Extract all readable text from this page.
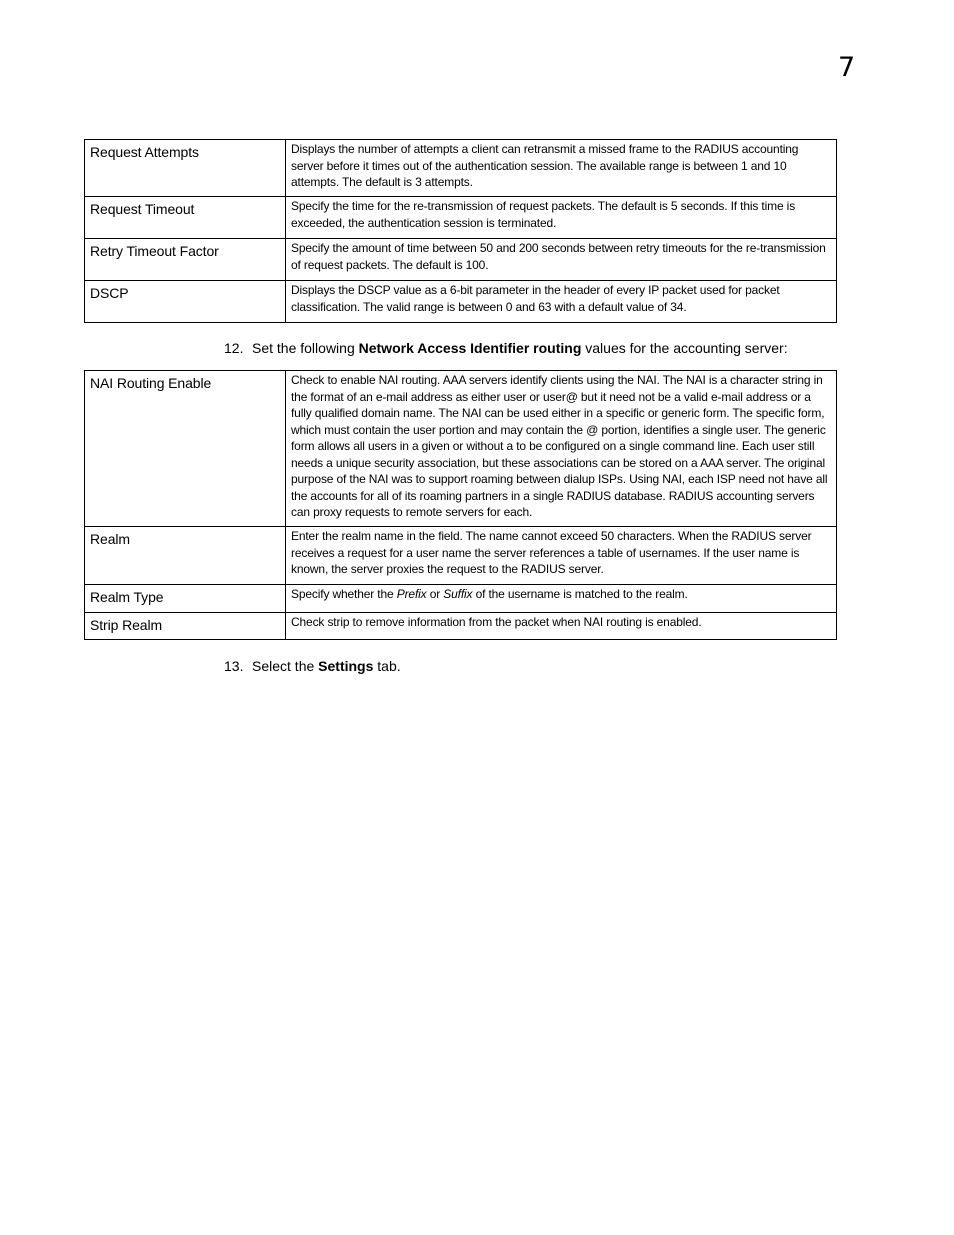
7
Request Attempts	Displays the number of attempts a client can retransmit a missed frame to the RADIUS accounting server before it times out of the authentication session. The available range is between 1 and 10 attempts. The default is 3 attempts.
Request Timeout	Specify the time for the re-transmission of request packets. The default is 5 seconds. If this time is exceeded, the authentication session is terminated.
Retry Timeout Factor	Specify the amount of time between 50 and 200 seconds between retry timeouts for the re-transmission of request packets. The default is 100.
DSCP	Displays the DSCP value as a 6-bit parameter in the header of every IP packet used for packet classification. The valid range is between 0 and 63 with a default value of 34.
12. Set the following Network Access Identifier routing values for the accounting server:
NAI Routing Enable	Check to enable NAI routing. AAA servers identify clients using the NAI. The NAI is a character string in the format of an e-mail address as either user or user@ but it need not be a valid e-mail address or a fully qualified domain name. The NAI can be used either in a specific or generic form. The specific form, which must contain the user portion and may contain the @ portion, identifies a single user. The generic form allows all users in a given or without a to be configured on a single command line. Each user still needs a unique security association, but these associations can be stored on a AAA server. The original purpose of the NAI was to support roaming between dialup ISPs. Using NAI, each ISP need not have all the accounts for all of its roaming partners in a single RADIUS database. RADIUS accounting servers can proxy requests to remote servers for each.
Realm	Enter the realm name in the field. The name cannot exceed 50 characters. When the RADIUS server receives a request for a user name the server references a table of usernames. If the user name is known, the server proxies the request to the RADIUS server.
Realm Type	Specify whether the Prefix or Suffix of the username is matched to the realm.
Strip Realm	Check strip to remove information from the packet when NAI routing is enabled.
13. Select the Settings tab.
